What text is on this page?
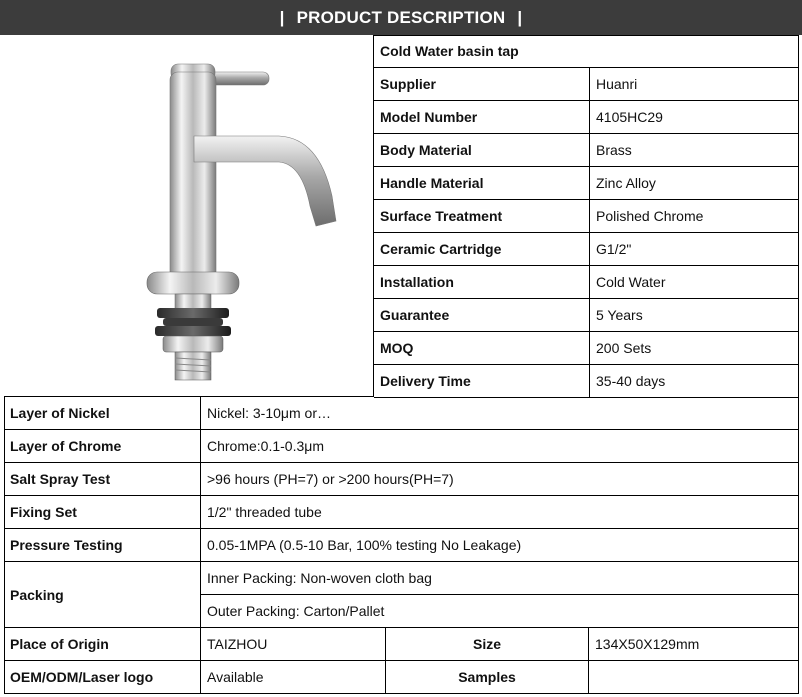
| PRODUCT DESCRIPTION |
Cold Water basin tap
Supplier	Huanri
Model Number	4105HC29
Body Material	Brass
Handle Material	Zinc Alloy
Surface Treatment	Polished Chrome
Ceramic Cartridge	G1/2"
Installation	Cold Water
Guarantee	5 Years
MOQ	200 Sets
Delivery Time	35-40 days
Layer of Nickel	Nickel: 3-10μm or…
Layer of Chrome	Chrome:0.1-0.3μm
Salt Spray Test	>96 hours (PH=7) or >200 hours(PH=7)
Fixing Set	1/2" threaded tube
Pressure Testing	0.05-1MPA (0.5-10 Bar, 100% testing No Leakage)
Packing
Inner Packing: Non-woven cloth bag
Outer Packing: Carton/Pallet
Place of Origin	TAIZHOU	Size	134X50X129mm
OEM/ODM/Laser logo	Available	Samples
